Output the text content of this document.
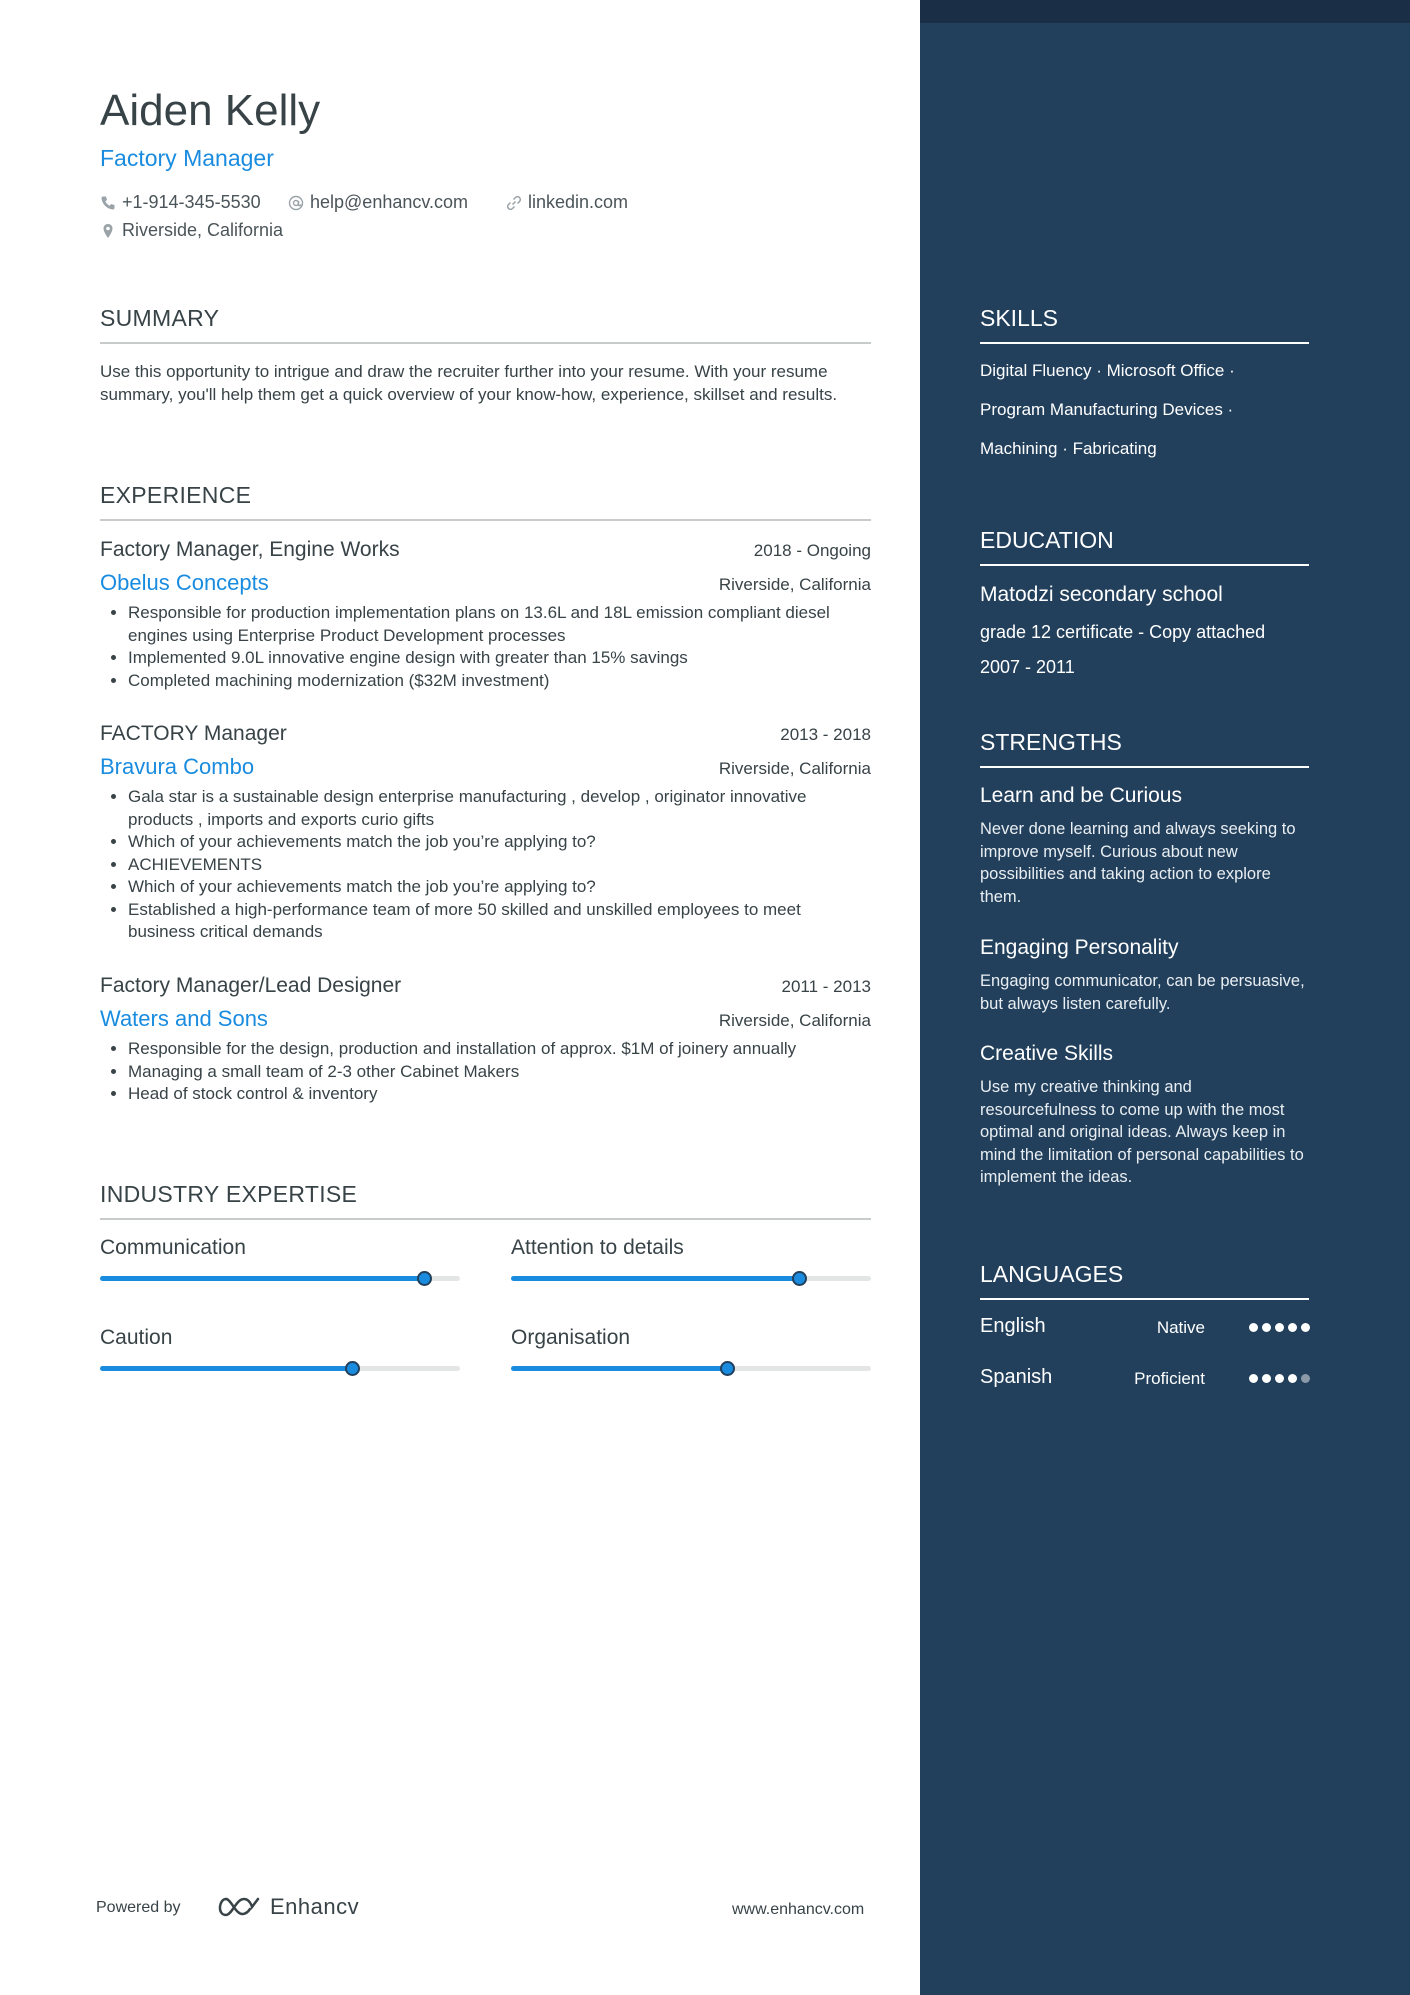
Aiden Kelly
Factory Manager
+1-914-345-5530	help@enhancv.com	linkedin.com
Riverside, California
SUMMARY
Use this opportunity to intrigue and draw the recruiter further into your resume. With your resume summary, you'll help them get a quick overview of your know-how, experience, skillset and results.
EXPERIENCE
Factory Manager, Engine Works	2018 - Ongoing
Obelus Concepts	Riverside, California
• Responsible for production implementation plans on 13.6L and 18L emission compliant diesel engines using Enterprise Product Development processes
• Implemented 9.0L innovative engine design with greater than 15% savings
• Completed machining modernization ($32M investment)
FACTORY Manager	2013 - 2018
Bravura Combo	Riverside, California
• Gala star is a sustainable design enterprise manufacturing , develop , originator innovative products , imports and exports curio gifts
• Which of your achievements match the job you’re applying to?
• ACHIEVEMENTS
• Which of your achievements match the job you’re applying to?
• Established a high-performance team of more 50 skilled and unskilled employees to meet business critical demands
Factory Manager/Lead Designer	2011 - 2013
Waters and Sons	Riverside, California
• Responsible for the design, production and installation of approx. $1M of joinery annually
• Managing a small team of 2-3 other Cabinet Makers
• Head of stock control & inventory
INDUSTRY EXPERTISE
Communication	Attention to details
Caution	Organisation
Powered by	Enhancv	www.enhancv.com
SKILLS
Digital Fluency · Microsoft Office ·
Program Manufacturing Devices ·
Machining · Fabricating
EDUCATION
Matodzi secondary school
grade 12 certificate - Copy attached
2007 - 2011
STRENGTHS
Learn and be Curious
Never done learning and always seeking to improve myself. Curious about new possibilities and taking action to explore them.
Engaging Personality
Engaging communicator, can be persuasive, but always listen carefully.
Creative Skills
Use my creative thinking and resourcefulness to come up with the most optimal and original ideas. Always keep in mind the limitation of personal capabilities to implement the ideas.
LANGUAGES
English	Native
Spanish	Proficient
